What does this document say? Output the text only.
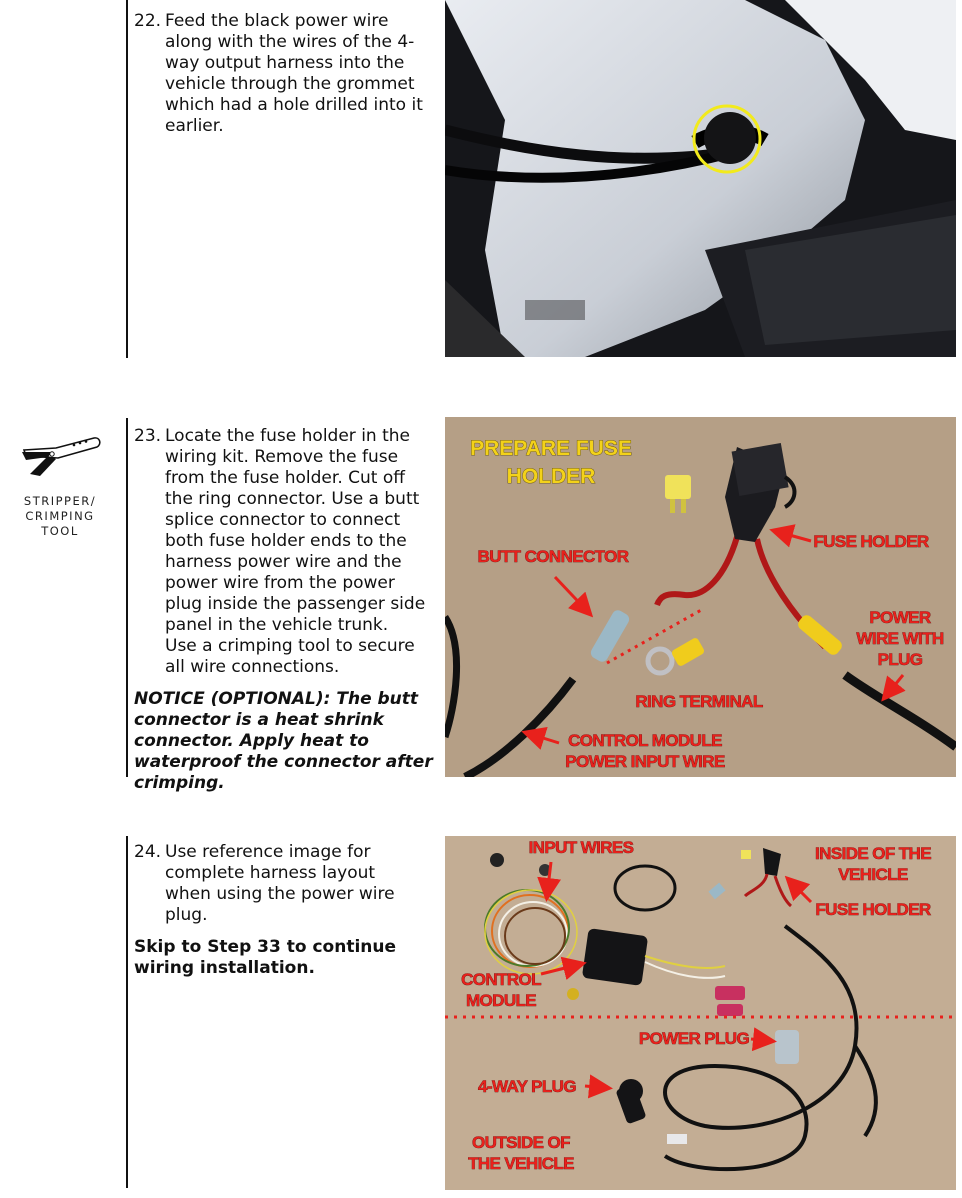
22. Feed the black power wire
along with the wires of the 4-
way output harness into the
vehicle through the grommet
which had a hole drilled into it
earlier.
STRIPPER/
CRIMPING
TOOL
23. Locate the fuse holder in the
wiring kit. Remove the fuse
from the fuse holder. Cut off
the ring connector. Use a butt
splice connector to connect
both fuse holder ends to the
harness power wire and the
power wire from the power
plug inside the passenger side
panel in the vehicle trunk.
Use a crimping tool to secure
all wire connections.
NOTICE (OPTIONAL): The butt
connector is a heat shrink
connector. Apply heat to
waterproof the connector after
crimping.
PREPARE FUSE
HOLDER
FUSE HOLDER
BUTT CONNECTOR
POWER
WIRE WITH
PLUG
RING TERMINAL
CONTROL MODULE
POWER INPUT WIRE
24. Use reference image for
complete harness layout
when using the power wire
plug.
Skip to Step 33 to continue
wiring installation.
INPUT WIRES	INSIDE OF THE
VEHICLE
FUSE HOLDER
CONTROL
MODULE
POWER PLUG
4-WAY PLUG
OUTSIDE OF
THE VEHICLE
